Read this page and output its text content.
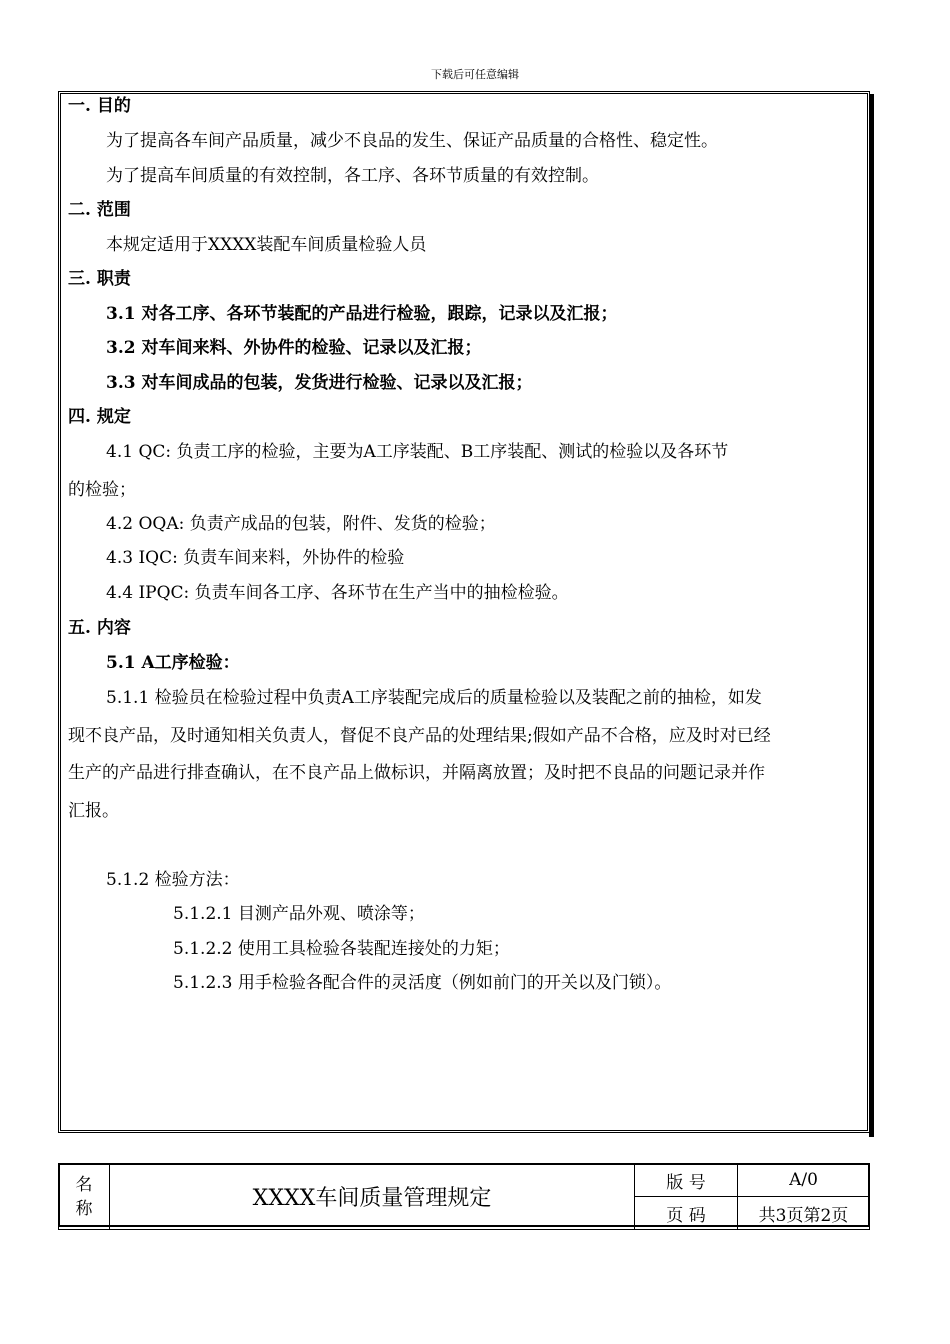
下载后可任意编辑
一. 目的
为了提高各车间产品质量，减少不良品的发生、保证产品质量的合格性、稳定性。
为了提高车间质量的有效控制，各工序、各环节质量的有效控制。
二. 范围
本规定适用于XXXX装配车间质量检验人员
三. 职责
3.1 对各工序、各环节装配的产品进行检验，跟踪，记录以及汇报；
3.2 对车间来料、外协件的检验、记录以及汇报；
3.3 对车间成品的包装，发货进行检验、记录以及汇报；
四. 规定
4.1 QC: 负责工序的检验，主要为A工序装配、B工序装配、测试的检验以及各环节
的检验；
4.2 OQA: 负责产成品的包装，附件、发货的检验；
4.3 IQC: 负责车间来料，外协件的检验
4.4 IPQC: 负责车间各工序、各环节在生产当中的抽检检验。
五. 内容
5.1 A工序检验：
5.1.1 检验员在检验过程中负责A工序装配完成后的质量检验以及装配之前的抽检，如发
现不良产品，及时通知相关负责人，督促不良产品的处理结果;假如产品不合格，应及时对已经
生产的产品进行排查确认，在不良产品上做标识，并隔离放置；及时把不良品的问题记录并作
汇报。
5.1.2 检验方法：
5.1.2.1 目测产品外观、喷涂等；
5.1.2.2 使用工具检验各装配连接处的力矩；
5.1.2.3 用手检验各配合件的灵活度（例如前门的开关以及门锁）。
名
称	XXXX车间质量管理规定	版 号	A/0
		页 码	共3页第2页
